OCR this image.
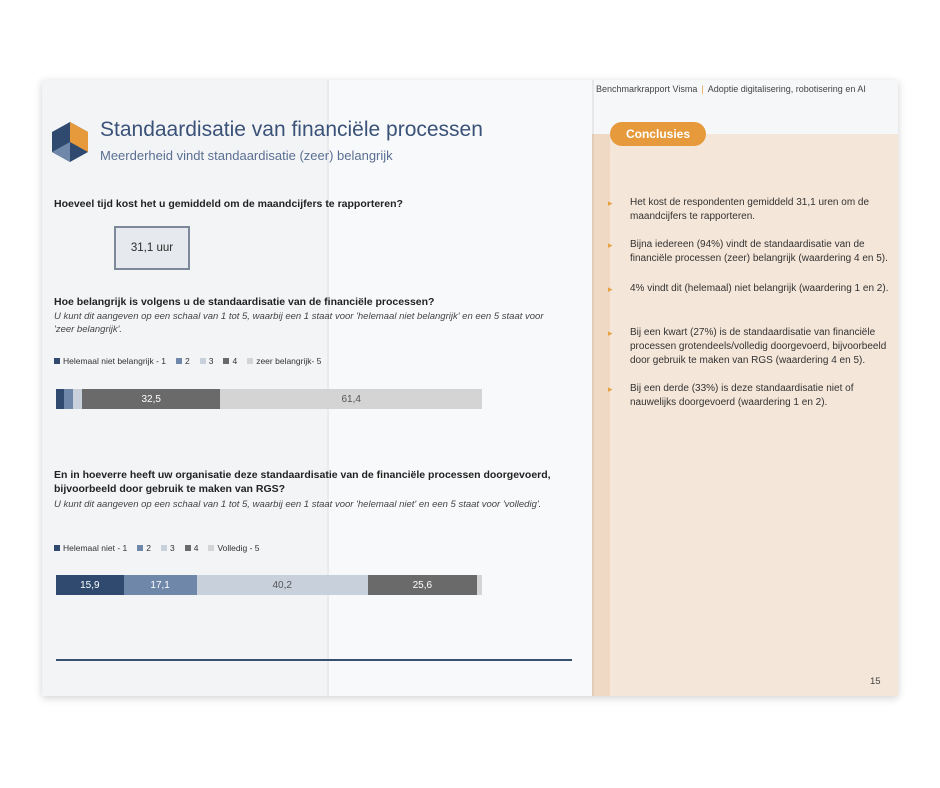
Benchmarkrapport Visma | Adoptie digitalisering, robotisering en AI
Standaardisatie van financiële processen
Meerderheid vindt standaardisatie (zeer) belangrijk
Hoeveel tijd kost het u gemiddeld om de maandcijfers te rapporteren?
31,1 uur
Hoe belangrijk is volgens u de standaardisatie van de financiële processen?
U kunt dit aangeven op een schaal van 1 tot 5, waarbij een 1 staat voor 'helemaal niet belangrijk' en een 5 staat voor 'zeer belangrijk'.
Helemaal niet belangrijk - 1 2 3 4 zeer belangrijk- 5
32,5	61,4
En in hoeverre heeft uw organisatie deze standaardisatie van de financiële processen doorgevoerd, bijvoorbeeld door gebruik te maken van RGS?
U kunt dit aangeven op een schaal van 1 tot 5, waarbij een 1 staat voor 'helemaal niet' en een 5 staat voor 'volledig'.
Helemaal niet - 1 2 3 4 Volledig - 5
15,9	17,1	40,2	25,6
Conclusies
▸ Het kost de respondenten gemiddeld 31,1 uren om de maandcijfers te rapporteren.
▸ Bijna iedereen (94%) vindt de standaardisatie van de financiële processen (zeer) belangrijk (waardering 4 en 5).
▸ 4% vindt dit (helemaal) niet belangrijk (waardering 1 en 2).
▸ Bij een kwart (27%) is de standaardisatie van financiële processen grotendeels/volledig doorgevoerd, bijvoorbeeld door gebruik te maken van RGS (waardering 4 en 5).
▸ Bij een derde (33%) is deze standaardisatie niet of nauwelijks doorgevoerd (waardering 1 en 2).
15
